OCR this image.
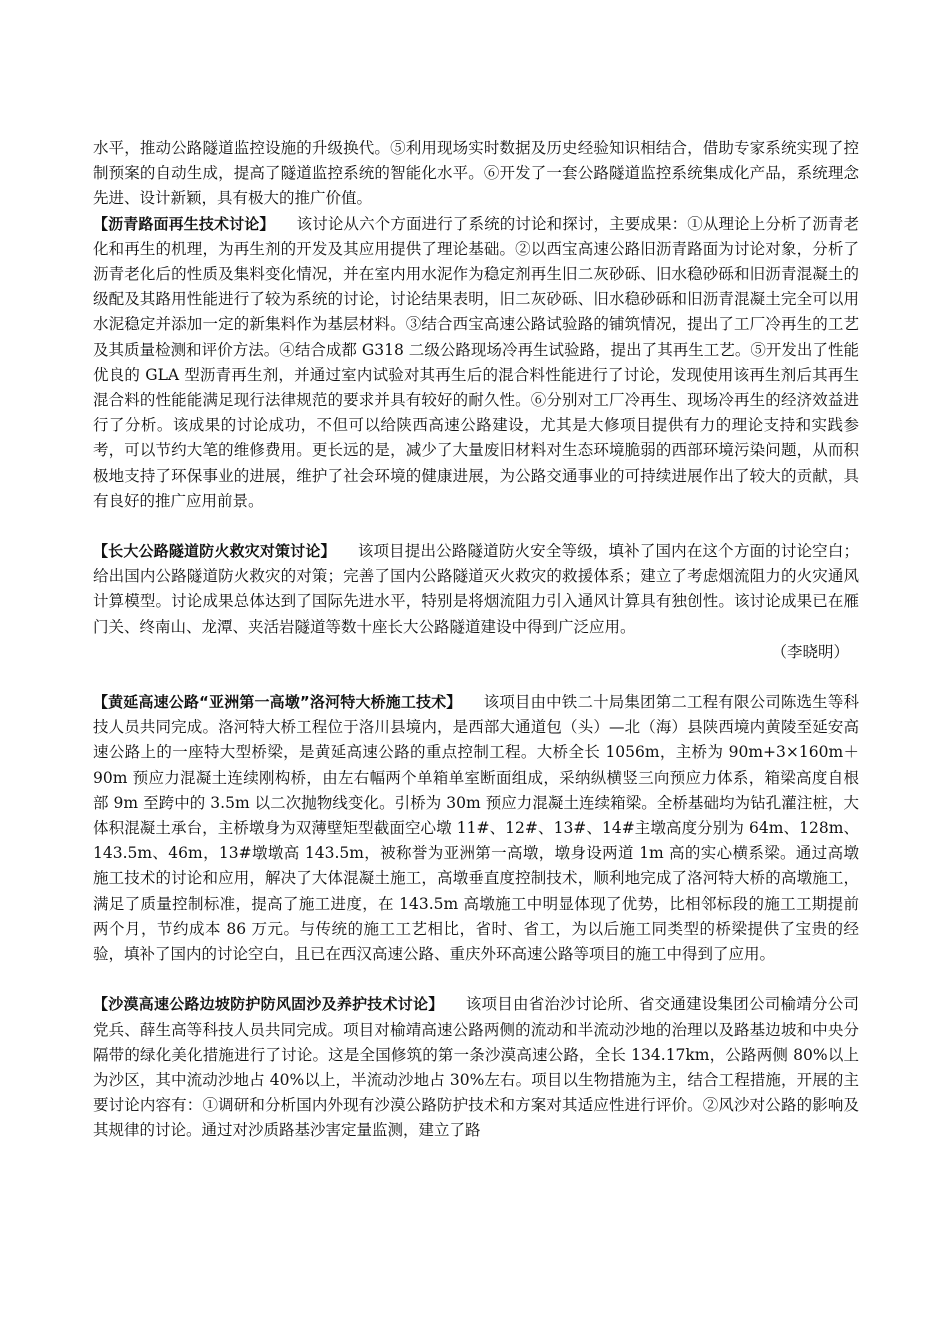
水平，推动公路隧道监控设施的升级换代。⑤利用现场实时数据及历史经验知识相结合，借助专家系统实现了控制预案的自动生成，提高了隧道监控系统的智能化水平。⑥开发了一套公路隧道监控系统集成化产品，系统理念先进、设计新颖，具有极大的推广价值。

【沥青路面再生技术讨论】 该讨论从六个方面进行了系统的讨论和探讨，主要成果：①从理论上分析了沥青老化和再生的机理，为再生剂的开发及其应用提供了理论基础。②以西宝高速公路旧沥青路面为讨论对象，分析了沥青老化后的性质及集料变化情况，并在室内用水泥作为稳定剂再生旧二灰砂砾、旧水稳砂砾和旧沥青混凝土的级配及其路用性能进行了较为系统的讨论，讨论结果表明，旧二灰砂砾、旧水稳砂砾和旧沥青混凝土完全可以用水泥稳定并添加一定的新集料作为基层材料。③结合西宝高速公路试验路的铺筑情况，提出了工厂冷再生的工艺及其质量检测和评价方法。④结合成都 G318 二级公路现场冷再生试验路，提出了其再生工艺。⑤开发出了性能优良的 GLA 型沥青再生剂，并通过室内试验对其再生后的混合料性能进行了讨论，发现使用该再生剂后其再生混合料的性能能满足现行法律规范的要求并具有较好的耐久性。⑥分别对工厂冷再生、现场冷再生的经济效益进行了分析。该成果的讨论成功，不但可以给陕西高速公路建设，尤其是大修项目提供有力的理论支持和实践参考，可以节约大笔的维修费用。更长远的是，减少了大量废旧材料对生态环境脆弱的西部环境污染问题，从而积极地支持了环保事业的进展，维护了社会环境的健康进展，为公路交通事业的可持续进展作出了较大的贡献，具有良好的推广应用前景。

【长大公路隧道防火救灾对策讨论】 该项目提出公路隧道防火安全等级，填补了国内在这个方面的讨论空白；给出国内公路隧道防火救灾的对策；完善了国内公路隧道灭火救灾的救援体系；建立了考虑烟流阻力的火灾通风计算模型。讨论成果总体达到了国际先进水平，特别是将烟流阻力引入通风计算具有独创性。该讨论成果已在雁门关、终南山、龙潭、夹活岩隧道等数十座长大公路隧道建设中得到广泛应用。

（李晓明）

【黄延高速公路“亚洲第一高墩”洛河特大桥施工技术】 该项目由中铁二十局集团第二工程有限公司陈选生等科技人员共同完成。洛河特大桥工程位于洛川县境内，是西部大通道包（头）—北（海）县陕西境内黄陵至延安高速公路上的一座特大型桥梁，是黄延高速公路的重点控制工程。大桥全长 1056m，主桥为 90m+3×160m＋90m 预应力混凝土连续刚构桥，由左右幅两个单箱单室断面组成，采纳纵横竖三向预应力体系，箱梁高度自根部 9m 至跨中的 3.5m 以二次抛物线变化。引桥为 30m 预应力混凝土连续箱梁。全桥基础均为钻孔灌注桩，大体积混凝土承台，主桥墩身为双薄壁矩型截面空心墩 11#、12#、13#、14#主墩高度分别为 64m、128m、143.5m、46m，13#墩墩高 143.5m，被称誉为亚洲第一高墩，墩身设两道 1m 高的实心横系梁。通过高墩施工技术的讨论和应用，解决了大体混凝土施工，高墩垂直度控制技术，顺利地完成了洛河特大桥的高墩施工，满足了质量控制标准，提高了施工进度，在 143.5m 高墩施工中明显体现了优势，比相邻标段的施工工期提前两个月，节约成本 86 万元。与传统的施工工艺相比，省时、省工，为以后施工同类型的桥梁提供了宝贵的经验，填补了国内的讨论空白，且已在西汉高速公路、重庆外环高速公路等项目的施工中得到了应用。

【沙漠高速公路边坡防护防风固沙及养护技术讨论】 该项目由省治沙讨论所、省交通建设集团公司榆靖分公司党兵、薛生高等科技人员共同完成。项目对榆靖高速公路两侧的流动和半流动沙地的治理以及路基边坡和中央分隔带的绿化美化措施进行了讨论。这是全国修筑的第一条沙漠高速公路，全长 134.17km，公路两侧 80%以上为沙区，其中流动沙地占 40%以上，半流动沙地占 30%左右。项目以生物措施为主，结合工程措施，开展的主要讨论内容有：①调研和分析国内外现有沙漠公路防护技术和方案对其适应性进行评价。②风沙对公路的影响及其规律的讨论。通过对沙质路基沙害定量监测，建立了路
